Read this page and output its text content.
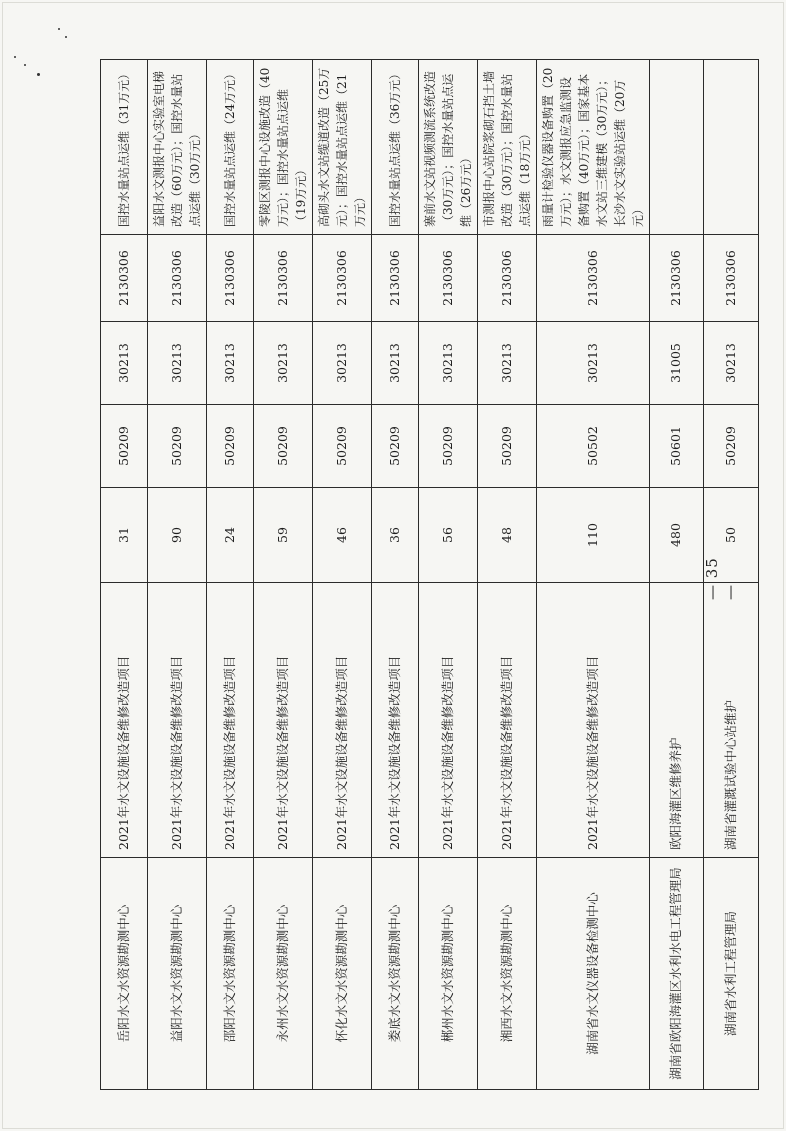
岳阳水文水资源勘测中心	2021年水文设施设备维修改造项目	31	50209	30213	2130306	国控水量站点运维（31万元）
益阳水文水资源勘测中心	2021年水文设施设备维修改造项目	90	50209	30213	2130306	益阳水文测报中心实验室电梯改造（60万元）；国控水量站点运维（30万元）
邵阳水文水资源勘测中心	2021年水文设施设备维修改造项目	24	50209	30213	2130306	国控水量站点运维（24万元）
永州水文水资源勘测中心	2021年水文设施设备维修改造项目	59	50209	30213	2130306	零陵区测报中心设施改造（40万元）；国控水量站点运维（19万元）
怀化水文水资源勘测中心	2021年水文设施设备维修改造项目	46	50209	30213	2130306	高砌头水文站缆道改造（25万元）；国控水量站点运维（21万元）
娄底水文水资源勘测中心	2021年水文设施设备维修改造项目	36	50209	30213	2130306	国控水量站点运维（36万元）
郴州水文水资源勘测中心	2021年水文设施设备维修改造项目	56	50209	30213	2130306	寨前水文站视频测流系统改造（30万元）；国控水量站点运维（26万元）
湘西水文水资源勘测中心	2021年水文设施设备维修改造项目	48	50209	30213	2130306	市测报中心站院浆砌石挡土墙改造（30万元）；国控水量站点运维（18万元）
湖南省水文仪器设备检测中心	2021年水文设施设备维修改造项目	110	50502	30213	2130306	雨量计检验仪器设备购置（20万元）；水文测报应急监测设备购置（40万元）；国家基本水文站三维建模（30万元）；长沙水文实验站运维（20万元）
湖南省欧阳海灌区水利水电工程管理局	欧阳海灌区维修养护	480	50601	31005	2130306	
湖南省水利工程管理局	湖南省灌溉试验中心站维护	50	50209	30213	2130306	
— 35 —
